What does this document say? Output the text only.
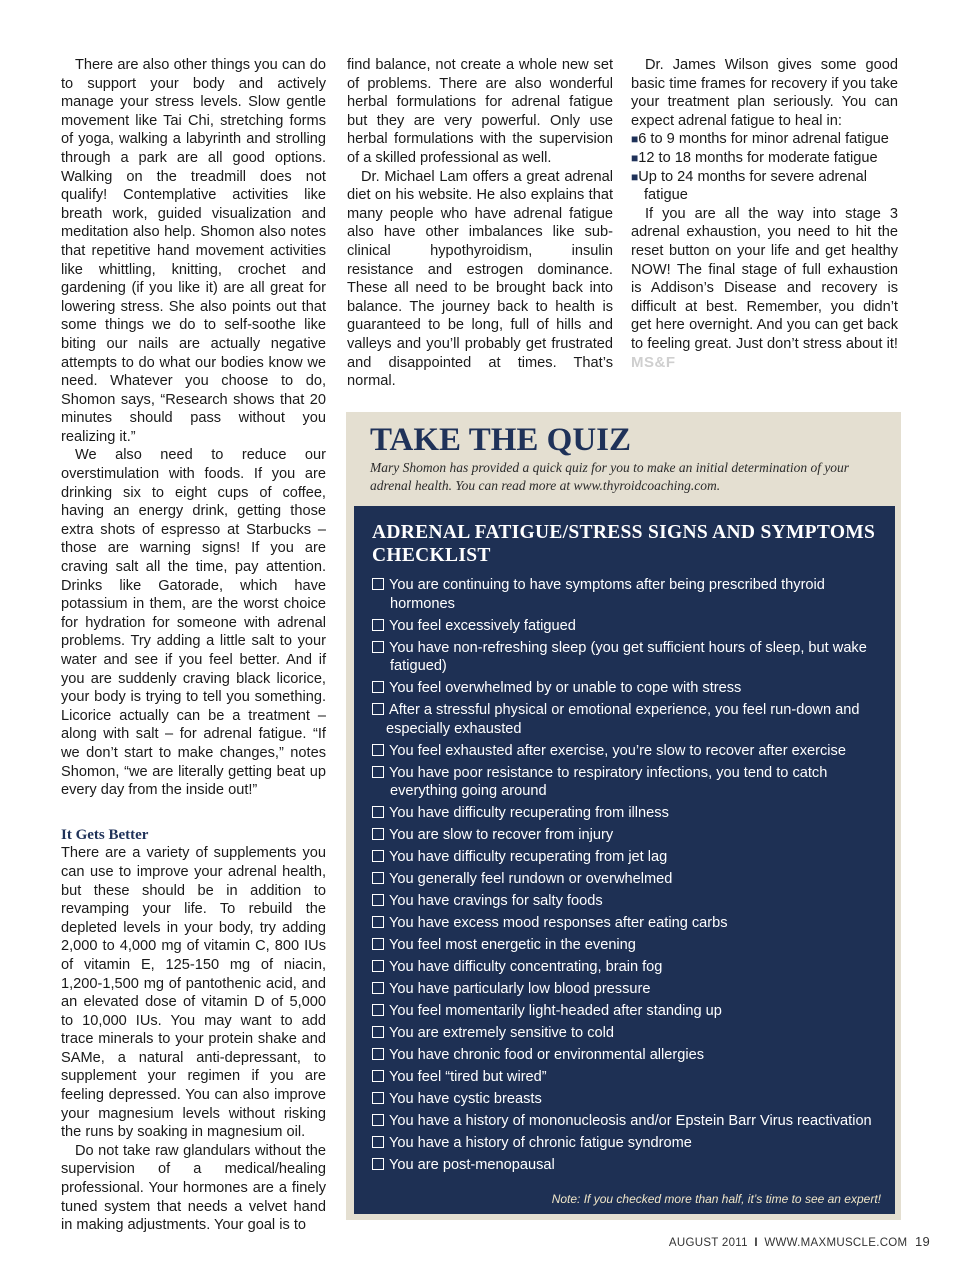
There are also other things you can do to support your body and actively manage your stress levels. Slow gentle movement like Tai Chi, stretching forms of yoga, walking a labyrinth and strolling through a park are all good options. Walking on the treadmill does not qualify! Contemplative activities like breath work, guided visualization and meditation also help. Shomon also notes that repetitive hand movement activities like whittling, knitting, crochet and gardening (if you like it) are all great for lowering stress. She also points out that some things we do to self-soothe like biting our nails are actually negative attempts to do what our bodies know we need. Whatever you choose to do, Shomon says, “Research shows that 20 minutes should pass without you realizing it.”

We also need to reduce our overstimulation with foods. If you are drinking six to eight cups of coffee, having an energy drink, getting those extra shots of espresso at Starbucks – those are warning signs! If you are craving salt all the time, pay attention. Drinks like Gatorade, which have potassium in them, are the worst choice for hydration for someone with adrenal problems. Try adding a little salt to your water and see if you feel better. And if you are suddenly craving black licorice, your body is trying to tell you something. Licorice actually can be a treatment – along with salt – for adrenal fatigue. “If we don’t start to make changes,” notes Shomon, “we are literally getting beat up every day from the inside out!”

It Gets Better

There are a variety of supplements you can use to improve your adrenal health, but these should be in addition to revamping your life. To rebuild the depleted levels in your body, try adding 2,000 to 4,000 mg of vitamin C, 800 IUs of vitamin E, 125-150 mg of niacin, 1,200-1,500 mg of pantothenic acid, and an elevated dose of vitamin D of 5,000 to 10,000 IUs. You may want to add trace minerals to your protein shake and SAMe, a natural anti-depressant, to supplement your regimen if you are feeling depressed. You can also improve your magnesium levels without risking the runs by soaking in magnesium oil.

Do not take raw glandulars without the supervision of a medical/healing professional. Your hormones are a finely tuned system that needs a velvet hand in making adjustments. Your goal is to

find balance, not create a whole new set of problems. There are also wonderful herbal formulations for adrenal fatigue but they are very powerful. Only use herbal formulations with the supervision of a skilled professional as well.

Dr. Michael Lam offers a great adrenal diet on his website. He also explains that many people who have adrenal fatigue also have other imbalances like sub-clinical hypothyroidism, insulin resistance and estrogen dominance. These all need to be brought back into balance. The journey back to health is guaranteed to be long, full of hills and valleys and you’ll probably get frustrated and disappointed at times. That’s normal.

Dr. James Wilson gives some good basic time frames for recovery if you take your treatment plan seriously. You can expect adrenal fatigue to heal in:

■6 to 9 months for minor adrenal fatigue
■12 to 18 months for moderate fatigue
■Up to 24 months for severe adrenal fatigue

If you are all the way into stage 3 adrenal exhaustion, you need to hit the reset button on your life and get healthy NOW! The final stage of full exhaustion is Addison’s Disease and recovery is difficult at best. Remember, you didn’t get here overnight. And you can get back to feeling great. Just don’t stress about it! MS&F

TAKE THE QUIZ
Mary Shomon has provided a quick quiz for you to make an initial determination of your adrenal health. You can read more at www.thyroidcoaching.com.
ADRENAL FATIGUE/STRESS SIGNS AND SYMPTOMS CHECKLIST
You are continuing to have symptoms after being prescribed thyroid hormones
You feel excessively fatigued
You have non-refreshing sleep (you get sufficient hours of sleep, but wake fatigued)
You feel overwhelmed by or unable to cope with stress
After a stressful physical or emotional experience, you feel run-down and especially exhausted
You feel exhausted after exercise, you’re slow to recover after exercise
You have poor resistance to respiratory infections, you tend to catch everything going around
You have difficulty recuperating from illness
You are slow to recover from injury
You have difficulty recuperating from jet lag
You generally feel rundown or overwhelmed
You have cravings for salty foods
You have excess mood responses after eating carbs
You feel most energetic in the evening
You have difficulty concentrating, brain fog
You have particularly low blood pressure
You feel momentarily light-headed after standing up
You are extremely sensitive to cold
You have chronic food or environmental allergies
You feel “tired but wired”
You have cystic breasts
You have a history of mononucleosis and/or Epstein Barr Virus reactivation
You have a history of chronic fatigue syndrome
You are post-menopausal
Note: If you checked more than half, it’s time to see an expert!
AUGUST 2011 I WWW.MAXMUSCLE.COM 19
